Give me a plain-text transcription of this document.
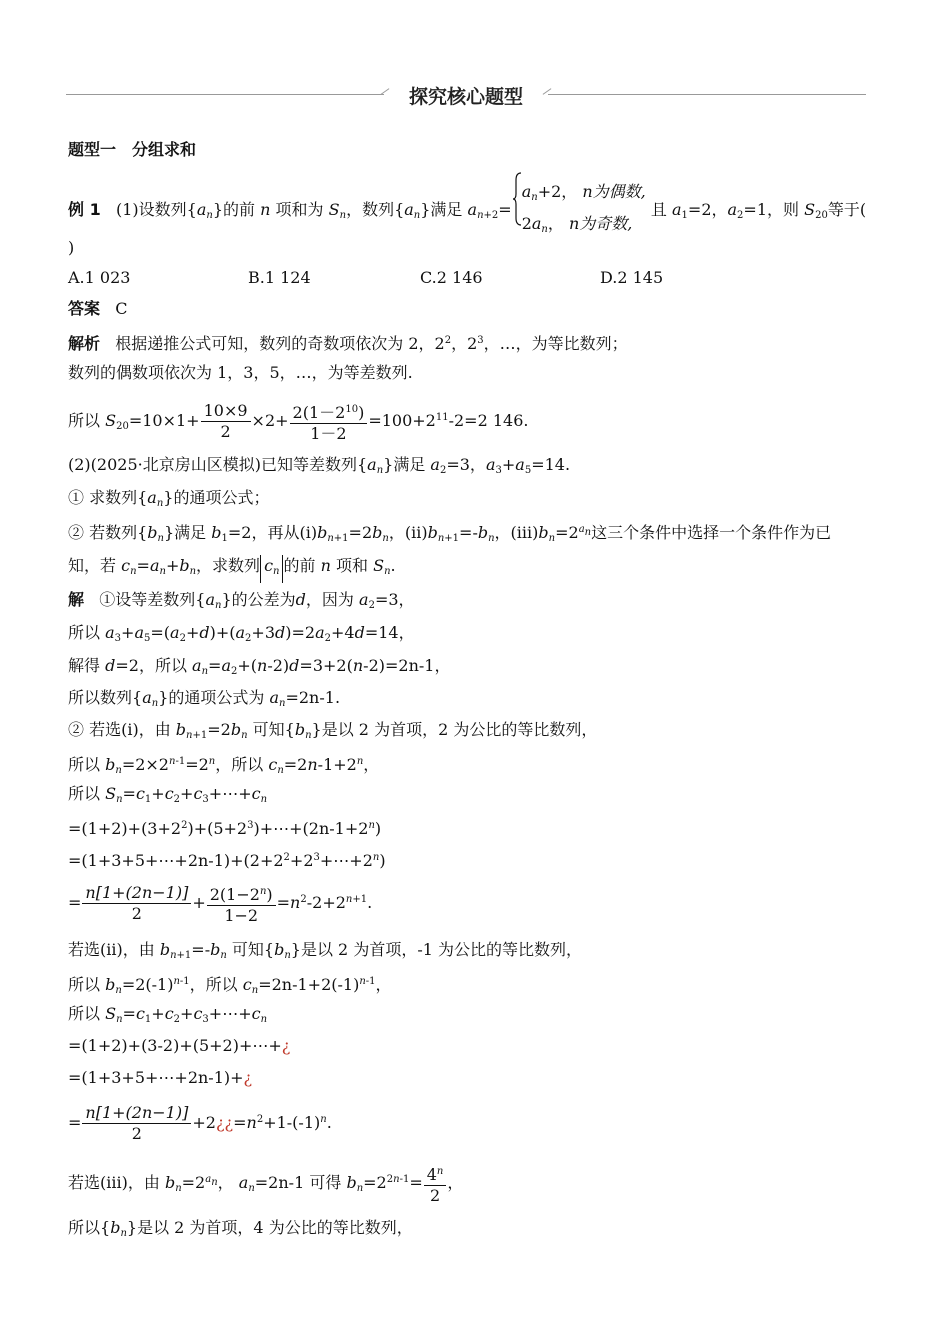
探究核心题型
题型一　分组求和
例 1 (1)设数列$\{a_n\}$的前 n 项和为 $S_n$，数列$\{a_n\}$满足 $a_{n+2}=$
$a_n+2$， n为偶数,
$2a_n$， n为奇数,
且 $a_1=2$，$a_2=1$，则 $S_{20}$等于(
)
A.1 023	B.1 124	C.2 146	D.2 145
答案 C
解析 根据递推公式可知，数列的奇数项依次为 2，$2^2$，$2^3$，…，为等比数列；
数列的偶数项依次为 1，3，5，…，为等差数列.
所以 $S_{20}=10\times 1+ \frac{10\times 9}{2} \times 2+ \frac{2(1-2^{10})}{1-2} =100+2^{11}-2=2$ 146.
(2)(2025·北京房山区模拟)已知等差数列$\{a_n\}$满足 $a_2=3$，$a_3+a_5=14$.
① 求数列$\{a_n\}$的通项公式；
② 若数列$\{b_n\}$满足 $b_1=2$，再从$(ⅰ)b_{n+1}=2b_n$，$(ⅱ)b_{n+1}=-b_n$，$(iii)b_n=2^{a_n}$这三个条件中选择一个条件作为已
知，若 $c_n=a_n+b_n$，求数列 $c_n$ 的前 n 项和 $S_n$.
解 ①设等差数列$\{a_n\}$的公差为d，因为 $a_2=3$，
所以 $a_3+a_5=(a_2+d)+(a_2+3d)=2a_2+4d=14$，
解得 d=2，所以 $a_n=a_2+(n-2)d=3+2(n-2)=2n-1$，
所以数列$\{a_n\}$的通项公式为 $a_n=2n-1$.
② 若选(ⅰ)，由 $b_{n+1}=2b_n$ 可知$\{b_n\}$是以 2 为首项，2 为公比的等比数列，
所以 $b_n=2\times 2^{n-1}=2^n$，所以 $c_n=2n-1+2^n$，
所以 $S_n=c_1+c_2+c_3+\cdots+c_n$
$=(1+2)+(3+2^2)+(5+2^3)+\cdots+(2n-1+2^n)$
$=(1+3+5+\cdots+2n-1)+(2+2^2+2^3+\cdots+2^n)$
= $\frac{n[1+(2n-1)]}{2} + \frac{2(1-2^n)}{1-2} =n^2-2+2^{n+1}$.
若选(ⅱ)，由 $b_{n+1}=-b_n$ 可知$\{b_n\}$是以 2 为首项，-1 为公比的等比数列，
所以 $b_n=2(-1)^{n-1}$，所以 $c_n=2n-1+2(-1)^{n-1}$，
所以 $S_n=c_1+c_2+c_3+\cdots+c_n$
=(1+2)+(3-2)+(5+2)+⋯+¿
=(1+3+5+⋯+2n-1)+¿
= $\frac{n[1+(2n-1)]}{2}$ $+2¿¿=n^2+1-(-1)^n$.
若选(iii)，由 $b_n=2^{a_n}$， $a_n=2n-1$ 可得 $b_n=2^{2n-1}= \frac{4^n}{2}$ ，
所以$\{b_n\}$是以 2 为首项，4 为公比的等比数列，
